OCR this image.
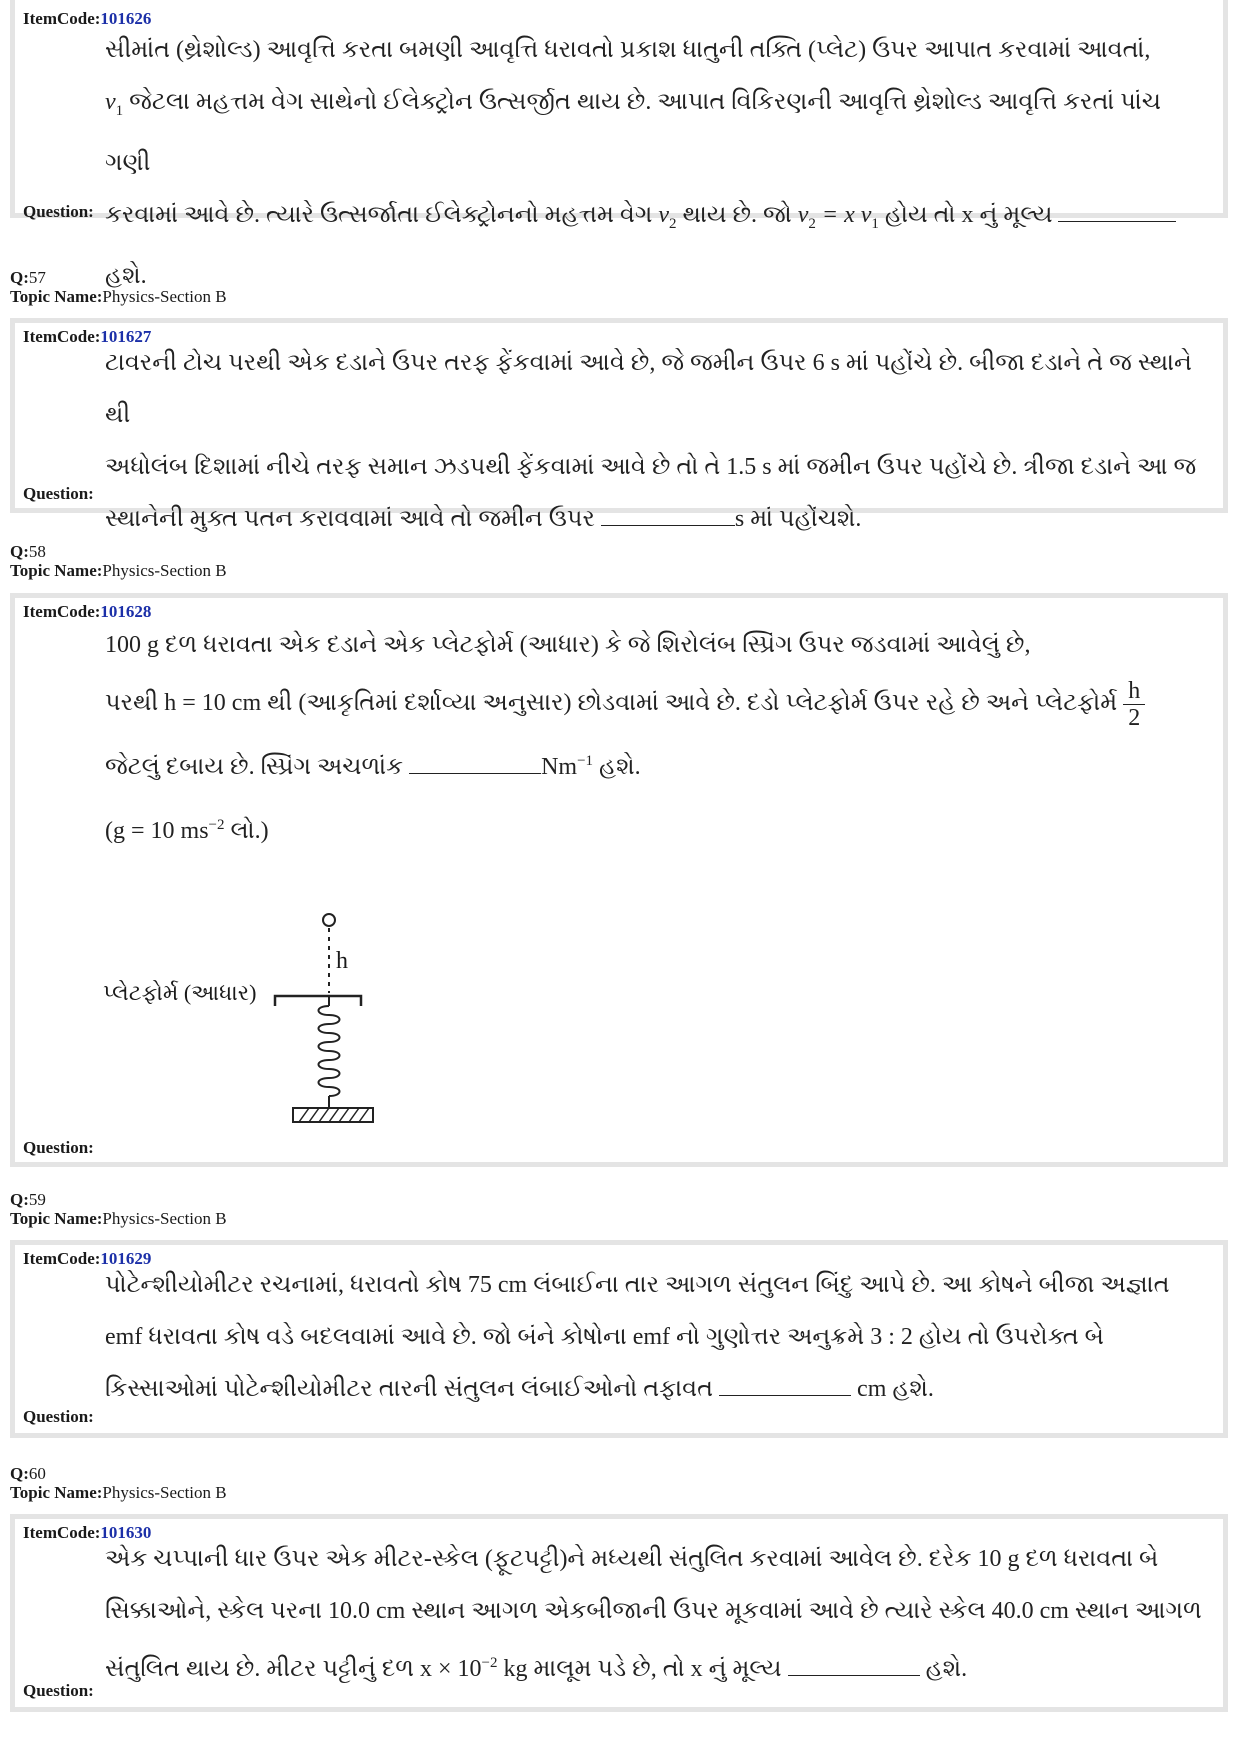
ItemCode:101626

સીમાંત (થ્રેશોલ્ડ) આવૃત્તિ કરતા બમણી આવૃત્તિ ધરાવતો પ્રકાશ ધાતુની તક્તિ (પ્લેટ) ઉપર આપાત કરવામાં આવતાં,

$v_1$ જેટલા મહત્તમ વેગ સાથેનો ઈલેક્ટ્રોન ઉત્સર્જીત થાય છે. આપાત વિકિરણની આવૃત્તિ થ્રેશોલ્ડ આવૃત્તિ કરતાં પાંચ ગણી

કરવામાં આવે છે. ત્યારે ઉત્સર્જાતા ઈલેક્ટ્રોનનો મહત્તમ વેગ $v_2$ થાય છે. જો $v_2 = x$ $v_1$ હોય તો x નું મૂલ્ય

હશે.

Question:
Q:57
Topic Name:Physics-Section B
ItemCode:101627

ટાવરની ટોચ પરથી એક દડાને ઉપર તરફ ફેંકવામાં આવે છે, જે જમીન ઉપર 6 s માં પહોંચે છે. બીજા દડાને તે જ સ્થાને થી

અધોલંબ દિશામાં નીચે તરફ સમાન ઝડપથી ફેંકવામાં આવે છે તો તે 1.5 s માં જમીન ઉપર પહોંચે છે. ત્રીજા દડાને આ જ

સ્થાનેની મુક્ત પતન કરાવવામાં આવે તો જમીન ઉપર	s માં પહોંચશે.

Question:
Q:58
Topic Name:Physics-Section B
ItemCode:101628

100 g દળ ધરાવતા એક દડાને એક પ્લેટફોર્મ (આધાર) કે જે શિરોલંબ સ્પ્રિંગ ઉપર જડવામાં આવેલું છે,

પરથી h = 10 cm થી (આકૃતિમાં દર્શાવ્યા અનુસાર) છોડવામાં આવે છે. દડો પ્લેટફોર્મ ઉપર રહે છે અને પ્લેટફોર્મ $\frac{h}{2}$

જેટલું દબાય છે. સ્પ્રિંગ અચળાંક	$Nm^{-1}$ હશે.

(g = 10 $ms^{-2}$ લો.)

h
પ્લેટફોર્મ (આધાર)
Question:
Q:59
Topic Name:Physics-Section B
ItemCode:101629

પોટેન્શીયોમીટર રચનામાં, ધરાવતો કોષ 75 cm લંબાઈના તાર આગળ સંતુલન બિંદુ આપે છે. આ કોષને બીજા અજ્ઞાત

emf ધરાવતા કોષ વડે બદલવામાં આવે છે. જો બંને કોષોના emf નો ગુણોત્તર અનુક્રમે 3 : 2 હોય તો ઉપરોક્ત બે

કિસ્સાઓમાં પોટેન્શીયોમીટર તારની સંતુલન લંબાઈઓનો તફાવત	cm હશે.

Question:
Q:60
Topic Name:Physics-Section B
ItemCode:101630

એક ચપ્પાની ધાર ઉપર એક મીટર-સ્કેલ (ફૂટપટ્ટી)ને મધ્યથી સંતુલિત કરવામાં આવેલ છે. દરેક 10 g દળ ધરાવતા બે

સિક્કાઓને, સ્કેલ પરના 10.0 cm સ્થાન આગળ એકબીજાની ઉપર મૂકવામાં આવે છે ત્યારે સ્કેલ 40.0 cm સ્થાન આગળ

સંતુલિત થાય છે. મીટર પટ્ટીનું દળ $x \times 10^{-2}$ kg માલૂમ પડે છે, તો x નું મૂલ્ય	હશે.

Question:
